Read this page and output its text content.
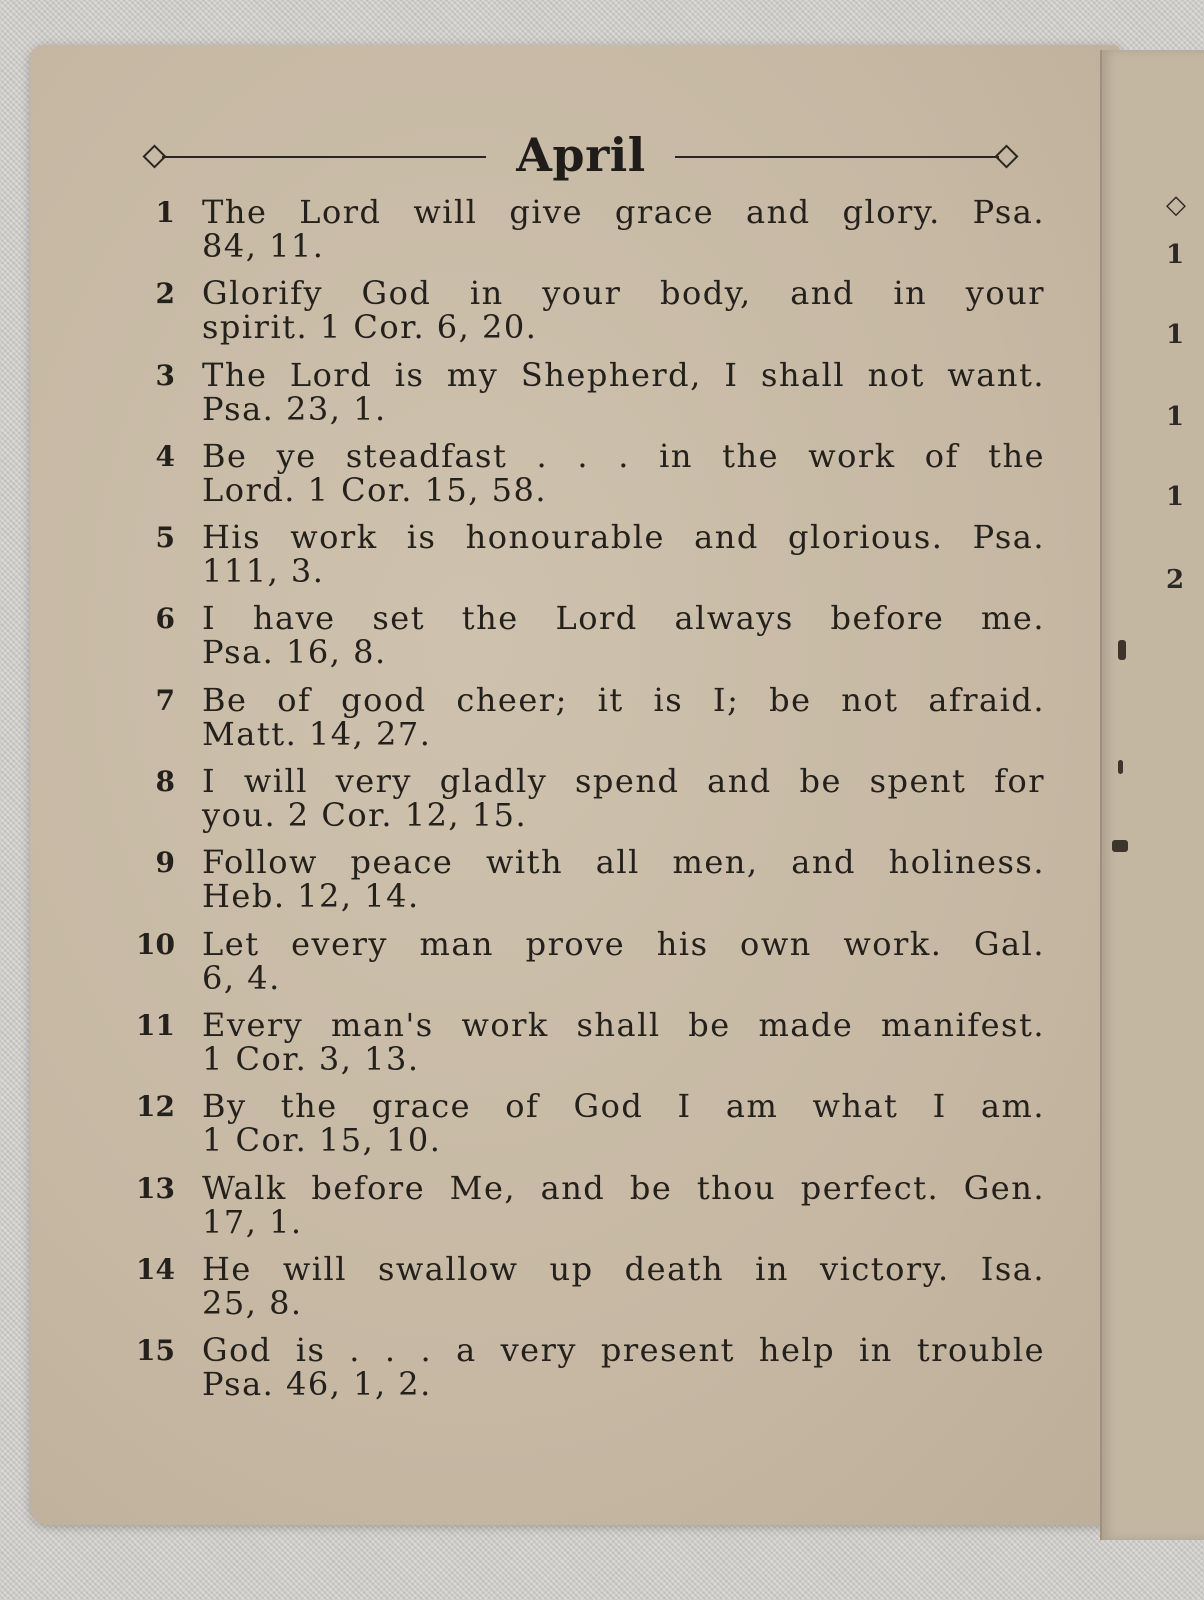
◇
1
1
1
1
2
April
1 The Lord will give grace and glory. Psa.
84, 11.
2 Glorify God in your body, and in your
spirit. 1 Cor. 6, 20.
3 The Lord is my Shepherd, I shall not want.
Psa. 23, 1.
4 Be ye steadfast . . . in the work of the
Lord. 1 Cor. 15, 58.
5 His work is honourable and glorious. Psa.
111, 3.
6 I have set the Lord always before me.
Psa. 16, 8.
7 Be of good cheer; it is I; be not afraid.
Matt. 14, 27.
8 I will very gladly spend and be spent for
you. 2 Cor. 12, 15.
9 Follow peace with all men, and holiness.
Heb. 12, 14.
10 Let every man prove his own work. Gal.
6, 4.
11 Every man's work shall be made manifest.
1 Cor. 3, 13.
12 By the grace of God I am what I am.
1 Cor. 15, 10.
13 Walk before Me, and be thou perfect. Gen.
17, 1.
14 He will swallow up death in victory. Isa.
25, 8.
15 God is . . . a very present help in trouble
Psa. 46, 1, 2.
